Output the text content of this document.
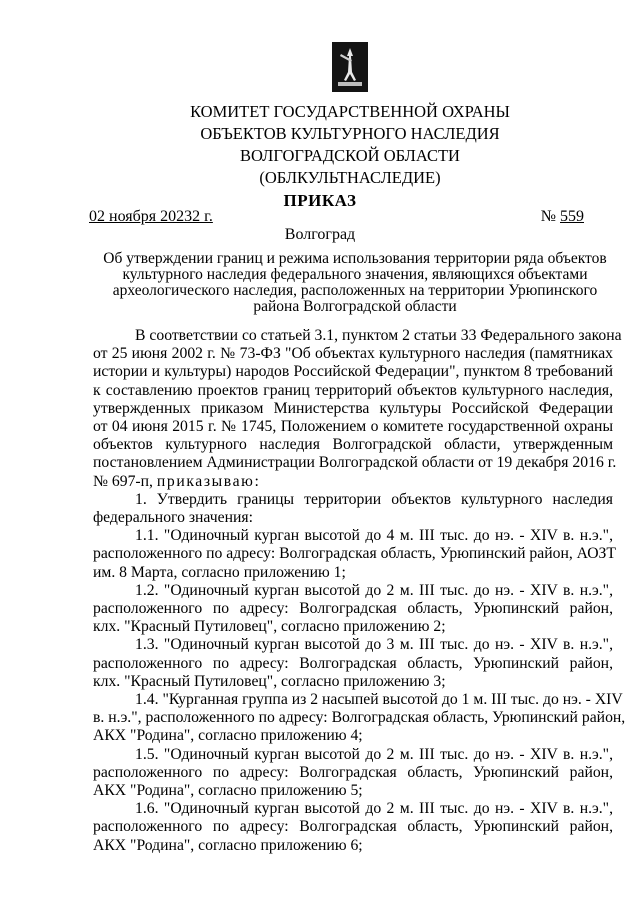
КОМИТЕТ ГОСУДАРСТВЕННОЙ ОХРАНЫ
ОБЪЕКТОВ КУЛЬТУРНОГО НАСЛЕДИЯ
ВОЛГОГРАДСКОЙ ОБЛАСТИ
(ОБЛКУЛЬТНАСЛЕДИЕ)
ПРИКАЗ
02 ноября 20232 г.	№ 559
Волгоград
Об утверждении границ и режима использования территории ряда объектов
культурного наследия федерального значения, являющихся объектами
археологического наследия, расположенных на территории Урюпинского
района Волгоградской области
В соответствии со статьей 3.1, пунктом 2 статьи 33 Федерального закона
от 25 июня 2002 г. № 73-ФЗ "Об объектах культурного наследия (памятниках
истории и культуры) народов Российской Федерации", пунктом 8 требований
к составлению проектов границ территорий объектов культурного наследия,
утвержденных приказом Министерства культуры Российской Федерации
от 04 июня 2015 г. № 1745, Положением о комитете государственной охраны
объектов культурного наследия Волгоградской области, утвержденным
постановлением Администрации Волгоградской области от 19 декабря 2016 г.
№ 697-п, приказываю:
1. Утвердить границы территории объектов культурного наследия
федерального значения:
1.1. "Одиночный курган высотой до 4 м. III тыс. до нэ. - XIV в. н.э.",
расположенного по адресу: Волгоградская область, Урюпинский район, АОЗТ
им. 8 Марта, согласно приложению 1;
1.2. "Одиночный курган высотой до 2 м. III тыс. до нэ. - XIV в. н.э.",
расположенного по адресу: Волгоградская область, Урюпинский район,
клх. "Красный Путиловец", согласно приложению 2;
1.3. "Одиночный курган высотой до 3 м. III тыс. до нэ. - XIV в. н.э.",
расположенного по адресу: Волгоградская область, Урюпинский район,
клх. "Красный Путиловец", согласно приложению 3;
1.4. "Курганная группа из 2 насыпей высотой до 1 м. III тыс. до нэ. - XIV
в. н.э.", расположенного по адресу: Волгоградская область, Урюпинский район,
АКХ "Родина", согласно приложению 4;
1.5. "Одиночный курган высотой до 2 м. III тыс. до нэ. - XIV в. н.э.",
расположенного по адресу: Волгоградская область, Урюпинский район,
АКХ "Родина", согласно приложению 5;
1.6. "Одиночный курган высотой до 2 м. III тыс. до нэ. - XIV в. н.э.",
расположенного по адресу: Волгоградская область, Урюпинский район,
АКХ "Родина", согласно приложению 6;
